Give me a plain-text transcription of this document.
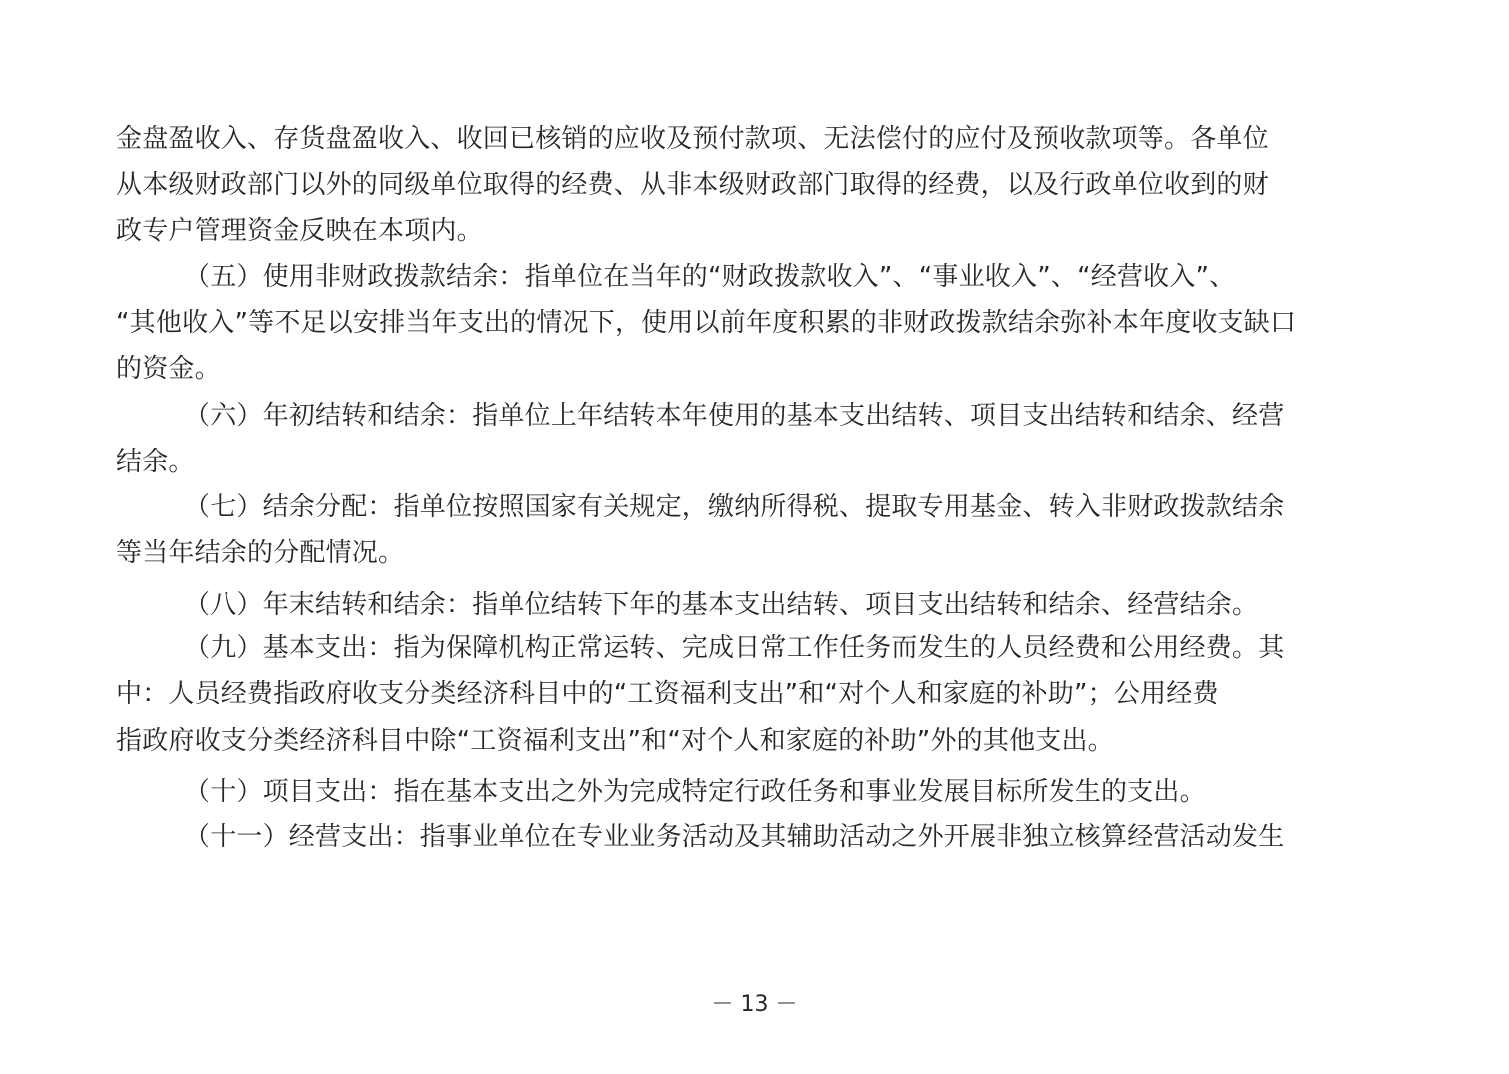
金盘盈收入、存货盘盈收入、收回已核销的应收及预付款项、无法偿付的应付及预收款项等。各单位
从本级财政部门以外的同级单位取得的经费、从非本级财政部门取得的经费，以及行政单位收到的财
政专户管理资金反映在本项内。
（五）使用非财政拨款结余：指单位在当年的“财政拨款收入”、“事业收入”、“经营收入”、
“其他收入”等不足以安排当年支出的情况下，使用以前年度积累的非财政拨款结余弥补本年度收支缺口
的资金。
（六）年初结转和结余：指单位上年结转本年使用的基本支出结转、项目支出结转和结余、经营
结余。
（七）结余分配：指单位按照国家有关规定，缴纳所得税、提取专用基金、转入非财政拨款结余
等当年结余的分配情况。
（八）年末结转和结余：指单位结转下年的基本支出结转、项目支出结转和结余、经营结余。
（九）基本支出：指为保障机构正常运转、完成日常工作任务而发生的人员经费和公用经费。其
中：人员经费指政府收支分类经济科目中的“工资福利支出”和“对个人和家庭的补助”；公用经费
指政府收支分类经济科目中除“工资福利支出”和“对个人和家庭的补助”外的其他支出。
（十）项目支出：指在基本支出之外为完成特定行政任务和事业发展目标所发生的支出。
（十一）经营支出：指事业单位在专业业务活动及其辅助活动之外开展非独立核算经营活动发生
－ 13 －
